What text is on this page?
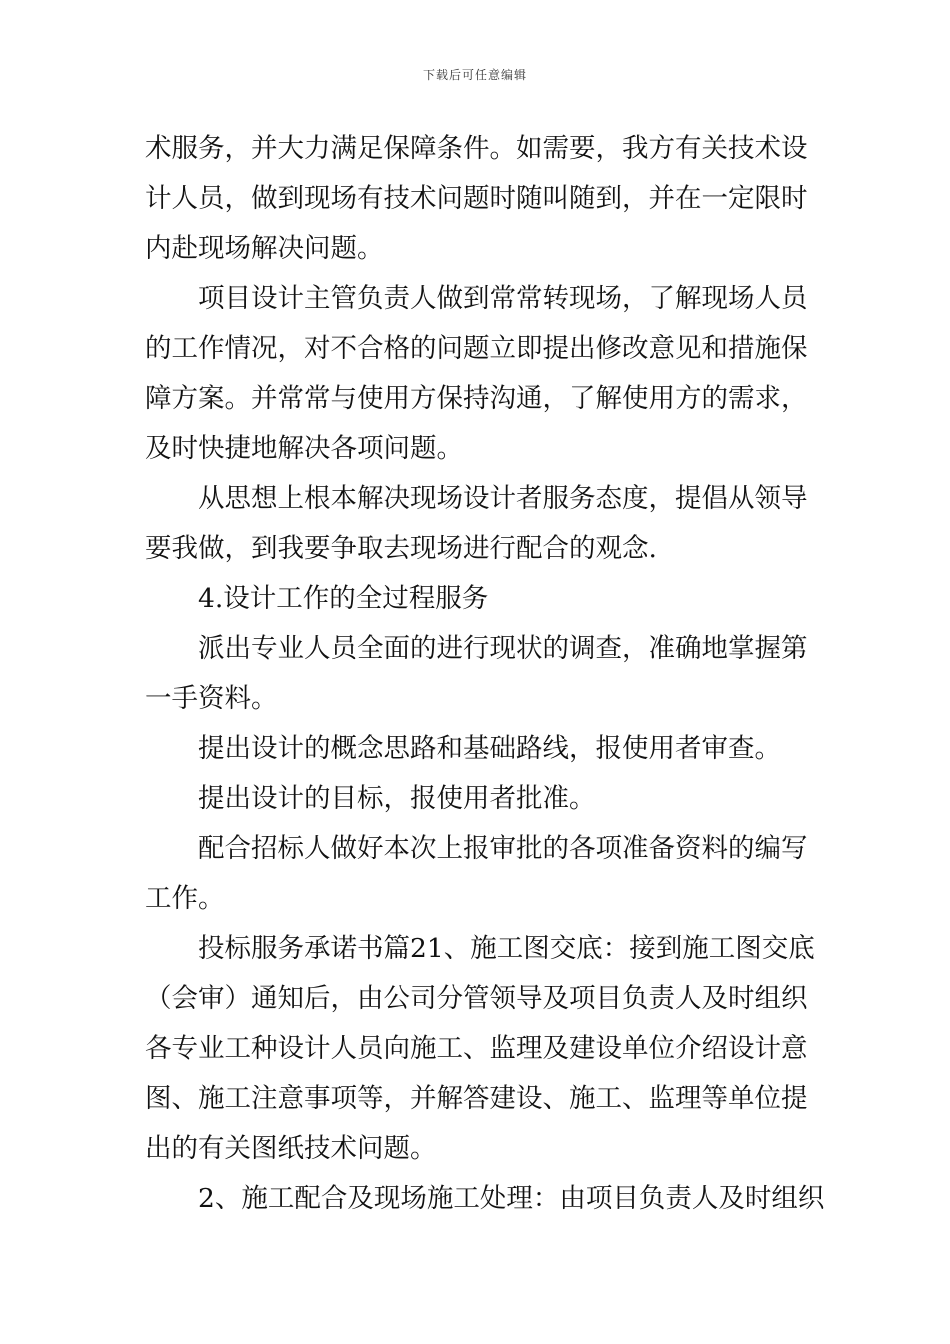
下载后可任意编辑
术服务，并大力满足保障条件。如需要，我方有关技术设
计人员，做到现场有技术问题时随叫随到，并在一定限时
内赴现场解决问题。
项目设计主管负责人做到常常转现场，了解现场人员
的工作情况，对不合格的问题立即提出修改意见和措施保
障方案。并常常与使用方保持沟通，了解使用方的需求，
及时快捷地解决各项问题。
从思想上根本解决现场设计者服务态度，提倡从领导
要我做，到我要争取去现场进行配合的观念.
4.设计工作的全过程服务
派出专业人员全面的进行现状的调查，准确地掌握第
一手资料。
提出设计的概念思路和基础路线，报使用者审查。
提出设计的目标，报使用者批准。
配合招标人做好本次上报审批的各项准备资料的编写
工作。
投标服务承诺书篇21、施工图交底：接到施工图交底
（会审）通知后，由公司分管领导及项目负责人及时组织
各专业工种设计人员向施工、监理及建设单位介绍设计意
图、施工注意事项等，并解答建设、施工、监理等单位提
出的有关图纸技术问题。
2、施工配合及现场施工处理：由项目负责人及时组织
